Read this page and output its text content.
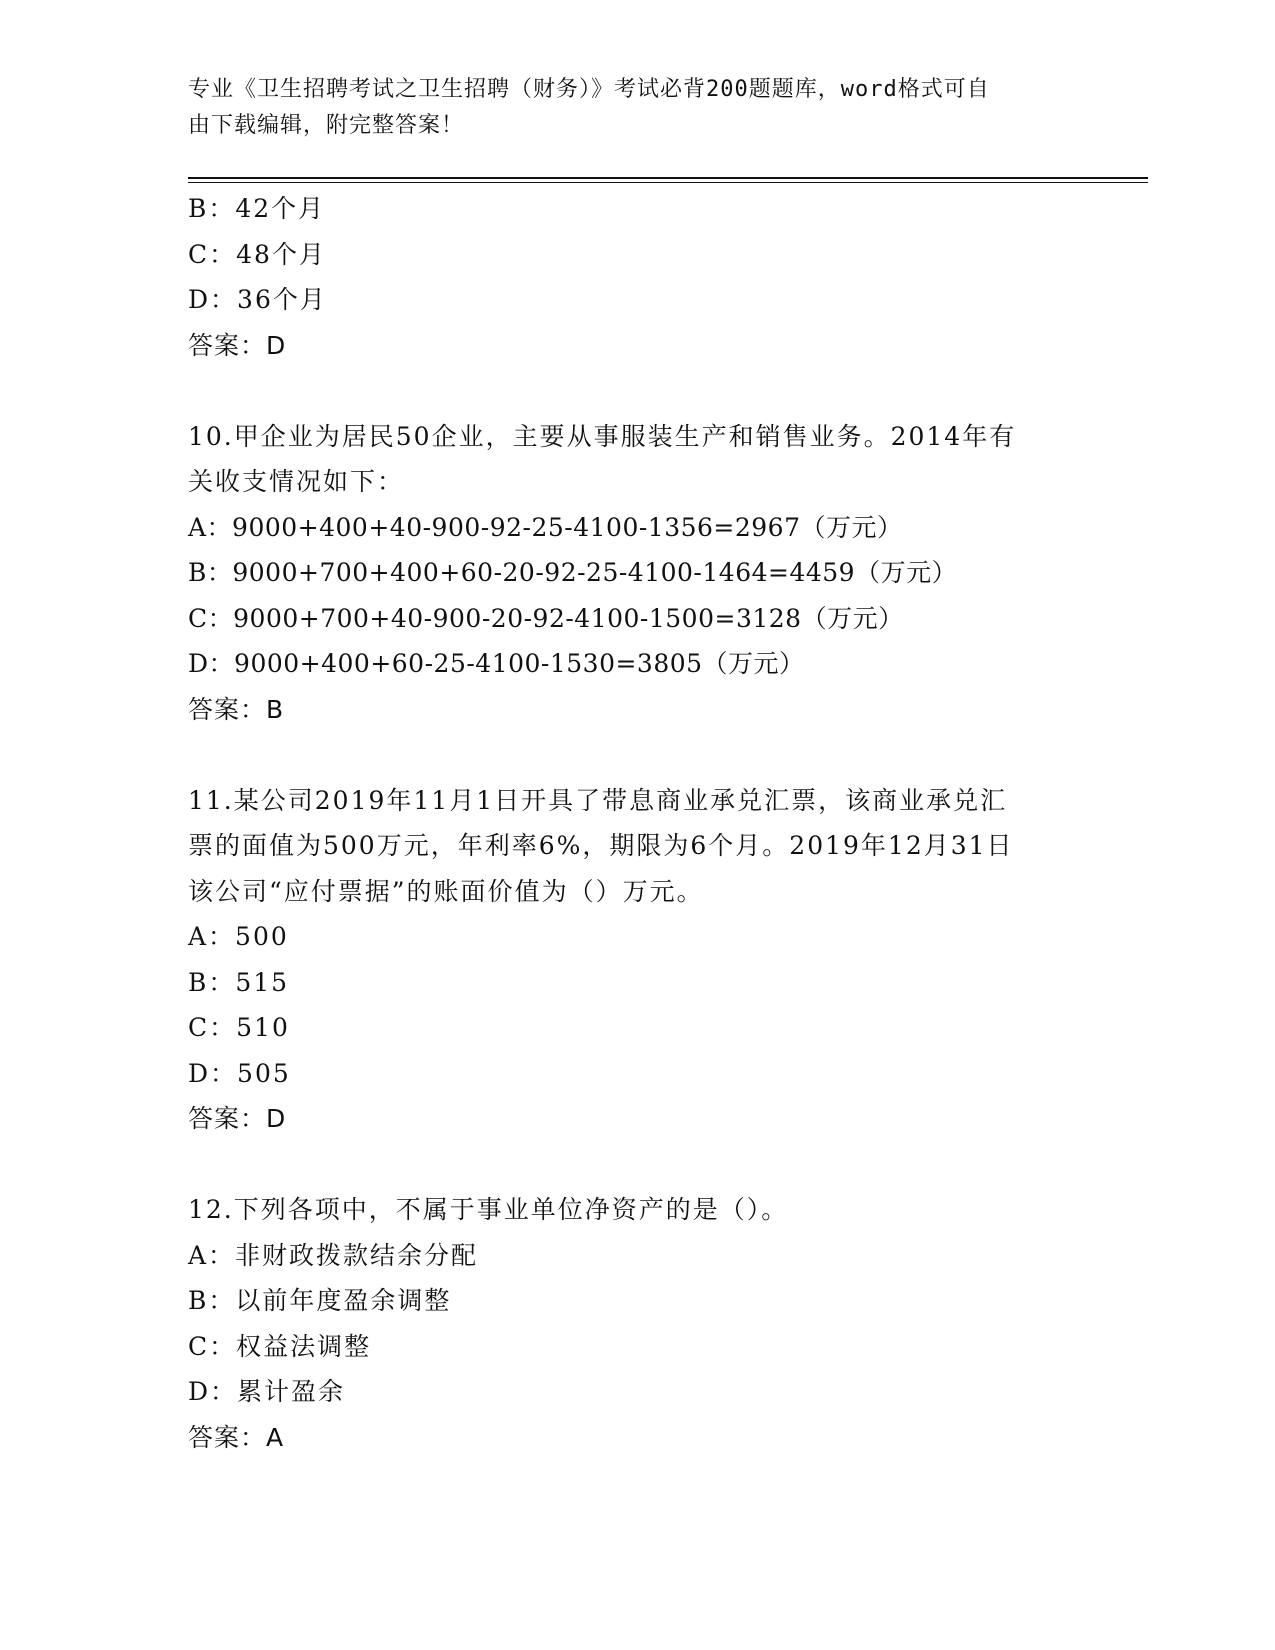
专业《卫生招聘考试之卫生招聘（财务）》考试必背200题题库，word格式可自
由下载编辑，附完整答案！
B：42个月
C：48个月
D：36个月
答案：D
10.甲企业为居民50企业，主要从事服装生产和销售业务。2014年有
关收支情况如下：
A：9000+400+40-900-92-25-4100-1356=2967（万元）
B：9000+700+400+60-20-92-25-4100-1464=4459（万元）
C：9000+700+40-900-20-92-4100-1500=3128（万元）
D：9000+400+60-25-4100-1530=3805（万元）
答案：B
11.某公司2019年11月1日开具了带息商业承兑汇票，该商业承兑汇
票的面值为500万元，年利率6%，期限为6个月。2019年12月31日
该公司“应付票据”的账面价值为（）万元。
A：500
B：515
C：510
D：505
答案：D
12.下列各项中，不属于事业单位净资产的是（）。
A：非财政拨款结余分配
B：以前年度盈余调整
C：权益法调整
D：累计盈余
答案：A
